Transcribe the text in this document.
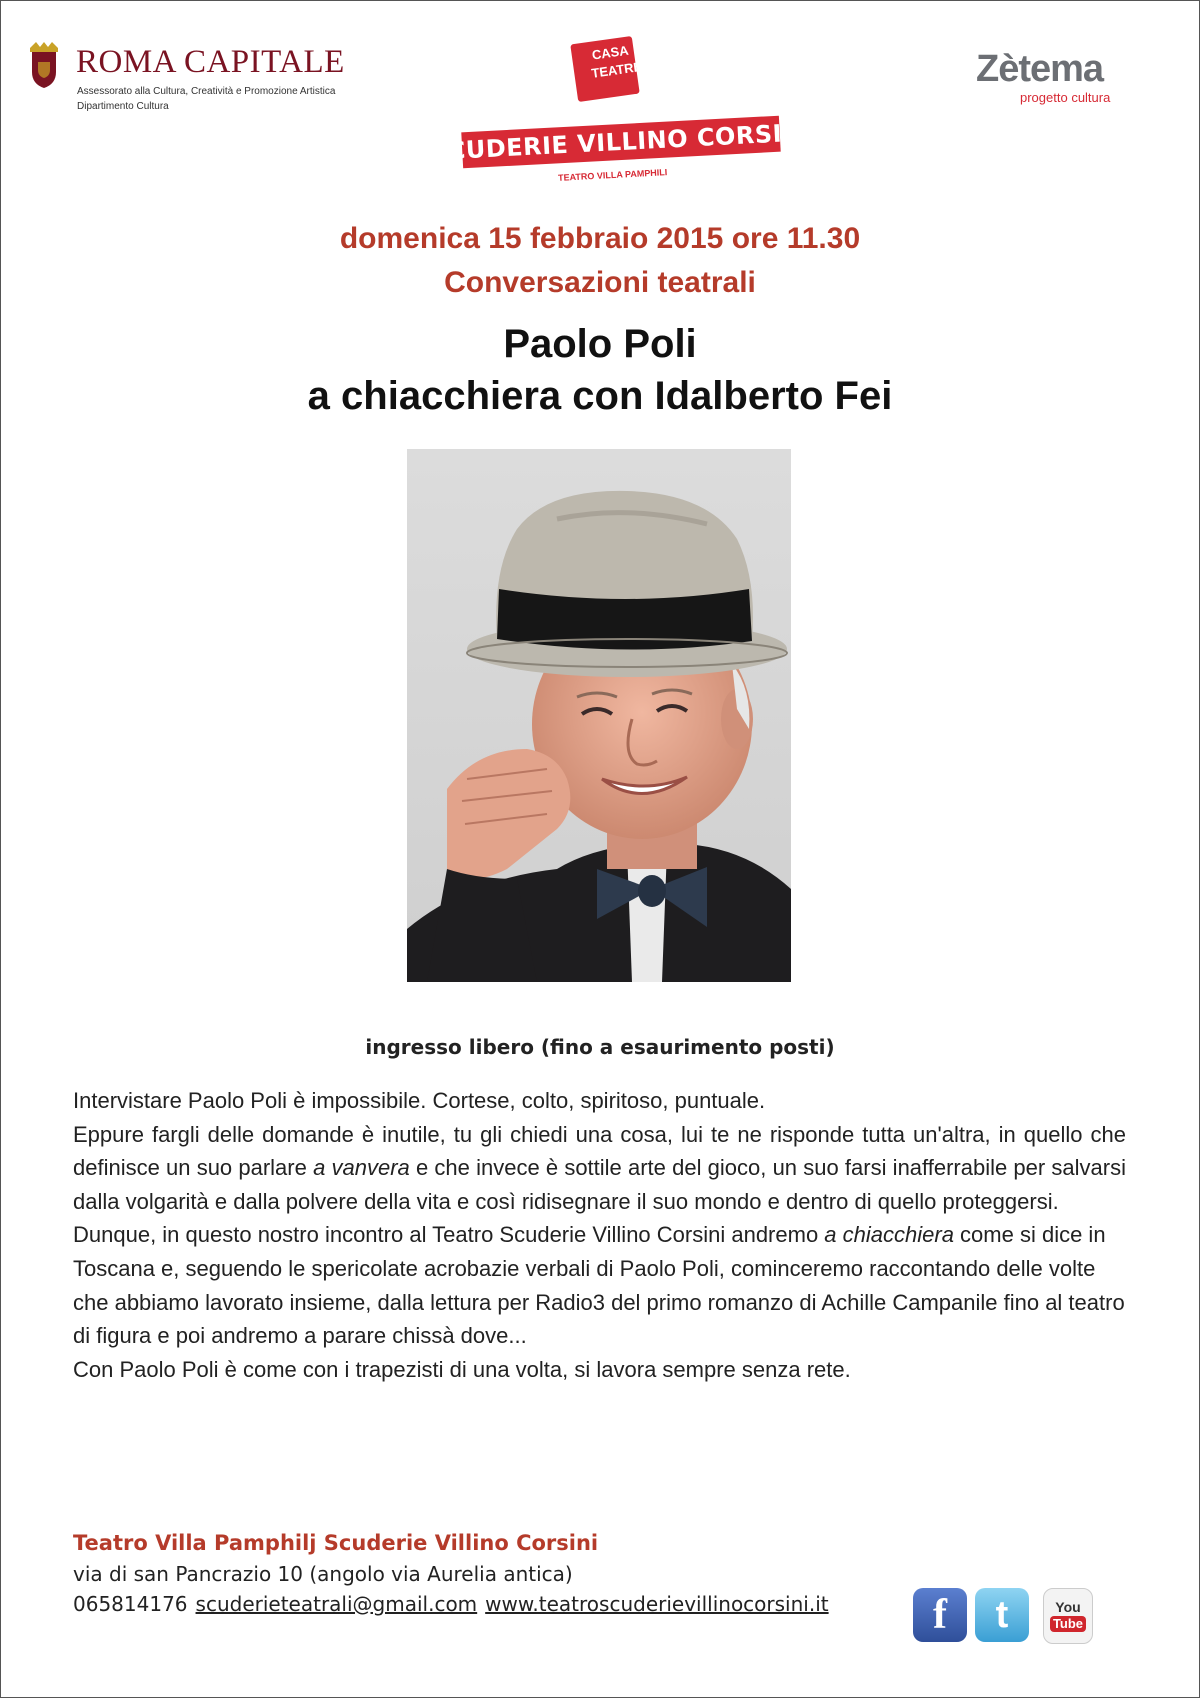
ROMA CAPITALE
Assessorato alla Cultura, Creatività e Promozione Artistica
Dipartimento Cultura
CASA
TEATRI
SCUDERIE VILLINO CORSINI
TEATRO VILLA PAMPHILI
Zètema
progetto cultura
domenica 15 febbraio 2015 ore 11.30
Conversazioni teatrali
Paolo Poli
a chiacchiera con Idalberto Fei
ingresso libero (fino a esaurimento posti)

Intervistare Paolo Poli è impossibile. Cortese, colto, spiritoso, puntuale.

Eppure fargli delle domande è inutile, tu gli chiedi una cosa, lui te ne risponde tutta un'altra, in quello che definisce un suo parlare a vanvera e che invece è sottile arte del gioco, un suo farsi inafferrabile per salvarsi dalla volgarità e dalla polvere della vita e così ridisegnare il suo mondo e dentro di quello proteggersi.

Dunque, in questo nostro incontro al Teatro Scuderie Villino Corsini andremo a chiacchiera come si dice in Toscana e, seguendo le spericolate acrobazie verbali di Paolo Poli, cominceremo raccontando delle volte che abbiamo lavorato insieme, dalla lettura per Radio3 del primo romanzo di Achille Campanile fino al teatro di figura e poi andremo a parare chissà dove...

Con Paolo Poli è come con i trapezisti di una volta, si lavora sempre senza rete.

Teatro Villa Pamphilj Scuderie Villino Corsini
via di san Pancrazio 10 (angolo via Aurelia antica)
065814176 scuderieteatrali@gmail.com www.teatroscuderievillinocorsini.it f t	You
Tube
